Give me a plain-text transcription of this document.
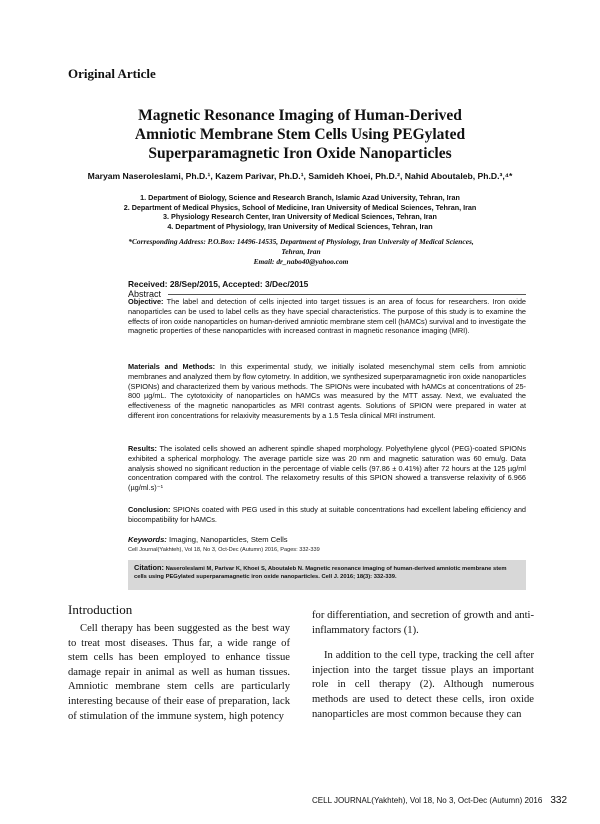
Original Article
Magnetic Resonance Imaging of Human-Derived
Amniotic Membrane Stem Cells Using PEGylated
Superparamagnetic Iron Oxide Nanoparticles
Maryam Naseroleslami, Ph.D.¹, Kazem Parivar, Ph.D.¹, Samideh Khoei, Ph.D.², Nahid Aboutaleb, Ph.D.³,⁴*
1. Department of Biology, Science and Research Branch, Islamic Azad University, Tehran, Iran
2. Department of Medical Physics, School of Medicine, Iran University of Medical Sciences, Tehran, Iran
3. Physiology Research Center, Iran University of Medical Sciences, Tehran, Iran
4. Department of Physiology, Iran University of Medical Sciences, Tehran, Iran
*Corresponding Address: P.O.Box: 14496-14535, Department of Physiology, Iran University of Medical Sciences,
Tehran, Iran
Email: dr_nabo40@yahoo.com
Received: 28/Sep/2015, Accepted: 3/Dec/2015
Abstract
Objective: The label and detection of cells injected into target tissues is an area of focus for researchers. Iron oxide nanoparticles can be used to label cells as they have special characteristics. The purpose of this study is to examine the effects of iron oxide nanoparticles on human-derived amniotic membrane stem cell (hAMCs) survival and to investigate the magnetic properties of these nanoparticles with increased contrast in magnetic resonance imaging (MRI).
Materials and Methods: In this experimental study, we initially isolated mesenchymal stem cells from amniotic membranes and analyzed them by flow cytometry. In addition, we synthesized superparamagnetic iron oxide nanoparticles (SPIONs) and characterized them by various methods. The SPIONs were incubated with hAMCs at concentrations of 25-800 µg/mL. The cytotoxicity of nanoparticles on hAMCs was measured by the MTT assay. Next, we evaluated the effectiveness of the magnetic nanoparticles as MRI contrast agents. Solutions of SPION were prepared in water at different iron concentrations for relaxivity measurements by a 1.5 Tesla clinical MRI instrument.
Results: The isolated cells showed an adherent spindle shaped morphology. Polyethylene glycol (PEG)-coated SPIONs exhibited a spherical morphology. The average particle size was 20 nm and magnetic saturation was 60 emu/g. Data analysis showed no significant reduction in the percentage of viable cells (97.86 ± 0.41%) after 72 hours at the 125 µg/ml concentration compared with the control. The relaxometry results of this SPION showed a transverse relaxivity of 6.966 (µg/ml.s)⁻¹
Conclusion: SPIONs coated with PEG used in this study at suitable concentrations had excellent labeling efficiency and biocompatibility for hAMCs.
Keywords: Imaging, Nanoparticles, Stem Cells
Cell Journal(Yakhteh), Vol 18, No 3, Oct-Dec (Autumn) 2016, Pages: 332-339
Citation: Naseroleslami M, Parivar K, Khoei S, Aboutaleb N. Magnetic resonance imaging of human-derived amniotic membrane stem cells using PEGylated superparamagnetic iron oxide nanoparticles. Cell J. 2016; 18(3): 332-339.
Introduction

Cell therapy has been suggested as the best way to treat most diseases. Thus far, a wide range of stem cells has been employed to enhance tissue damage repair in animal as well as human tissues. Amniotic membrane stem cells are particularly interesting because of their ease of preparation, lack of stimulation of the immune system, high potency

for differentiation, and secretion of growth and anti-inflammatory factors (1).

In addition to the cell type, tracking the cell after injection into the target tissue plays an important role in cell therapy (2). Although numerous methods are used to detect these cells, iron oxide nanoparticles are most common because they can

CELL JOURNAL(Yakhteh), Vol 18, No 3, Oct-Dec (Autumn) 2016 332
